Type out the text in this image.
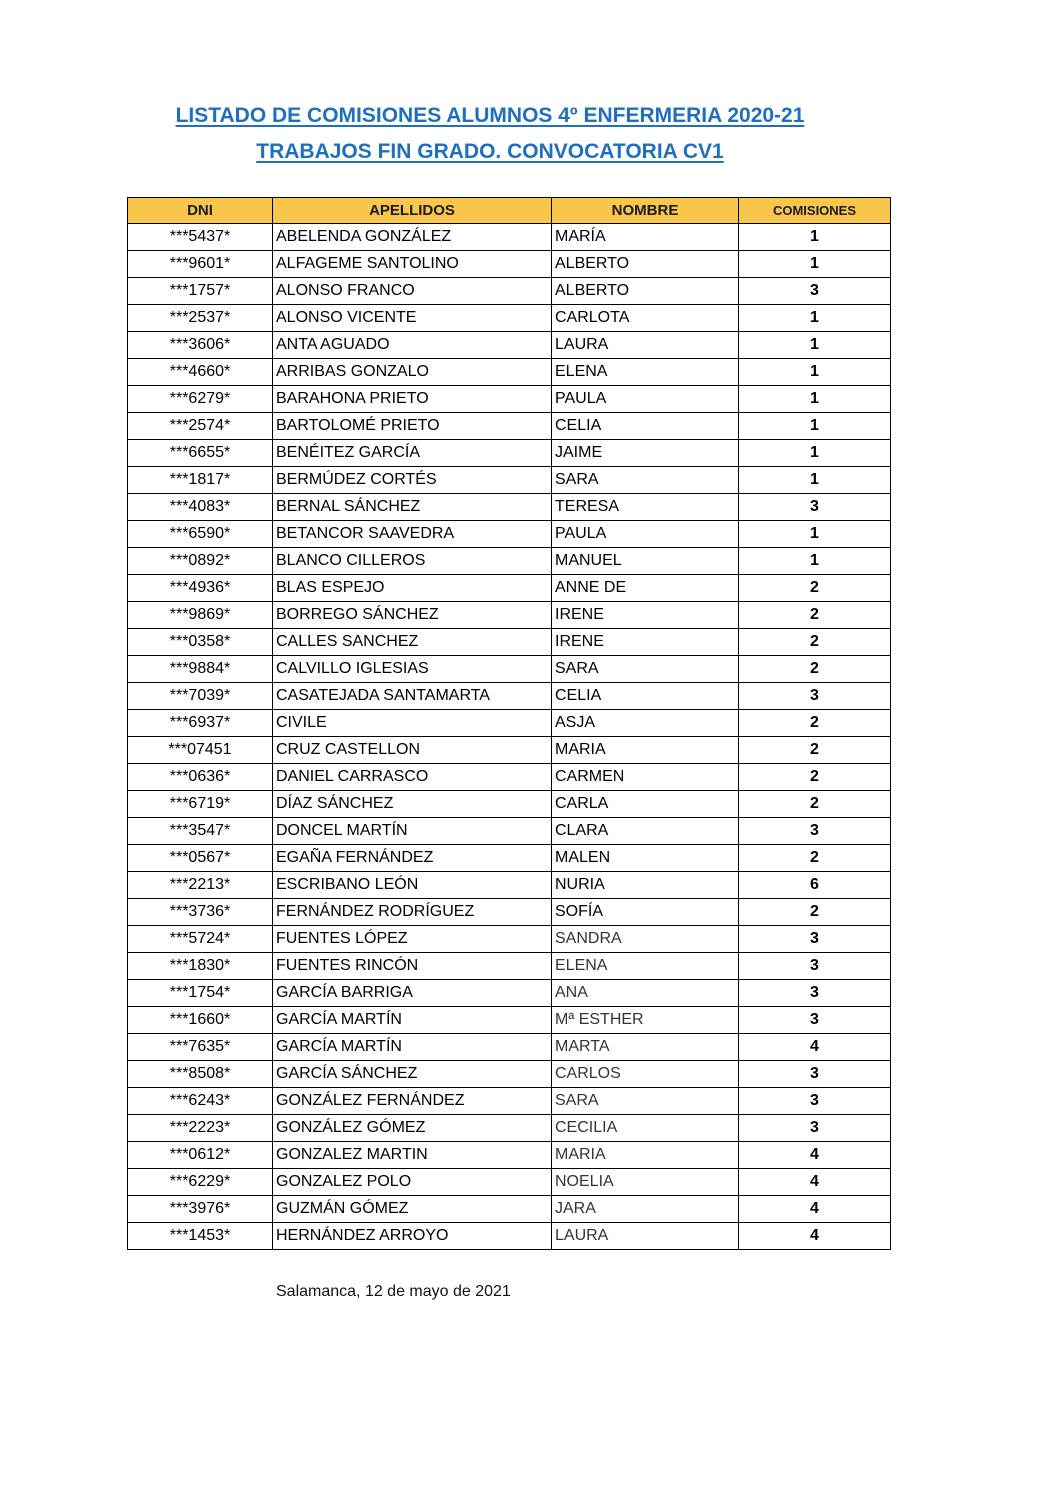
LISTADO DE COMISIONES ALUMNOS 4º ENFERMERIA 2020-21
TRABAJOS FIN GRADO. CONVOCATORIA CV1
DNI	APELLIDOS	NOMBRE	COMISIONES
***5437*	ABELENDA GONZÁLEZ	MARÍA	1
***9601*	ALFAGEME SANTOLINO	ALBERTO	1
***1757*	ALONSO FRANCO	ALBERTO	3
***2537*	ALONSO VICENTE	CARLOTA	1
***3606*	ANTA AGUADO	LAURA	1
***4660*	ARRIBAS GONZALO	ELENA	1
***6279*	BARAHONA PRIETO	PAULA	1
***2574*	BARTOLOMÉ PRIETO	CELIA	1
***6655*	BENÉITEZ GARCÍA	JAIME	1
***1817*	BERMÚDEZ CORTÉS	SARA	1
***4083*	BERNAL SÁNCHEZ	TERESA	3
***6590*	BETANCOR SAAVEDRA	PAULA	1
***0892*	BLANCO CILLEROS	MANUEL	1
***4936*	BLAS ESPEJO	ANNE DE	2
***9869*	BORREGO SÁNCHEZ	IRENE	2
***0358*	CALLES SANCHEZ	IRENE	2
***9884*	CALVILLO IGLESIAS	SARA	2
***7039*	CASATEJADA SANTAMARTA	CELIA	3
***6937*	CIVILE	ASJA	2
***07451	CRUZ CASTELLON	MARIA	2
***0636*	DANIEL CARRASCO	CARMEN	2
***6719*	DÍAZ SÁNCHEZ	CARLA	2
***3547*	DONCEL MARTÍN	CLARA	3
***0567*	EGAÑA FERNÁNDEZ	MALEN	2
***2213*	ESCRIBANO LEÓN	NURIA	6
***3736*	FERNÁNDEZ RODRÍGUEZ	SOFÍA	2
***5724*	FUENTES LÓPEZ	SANDRA	3
***1830*	FUENTES RINCÓN	ELENA	3
***1754*	GARCÍA BARRIGA	ANA	3
***1660*	GARCÍA MARTÍN	Mª ESTHER	3
***7635*	GARCÍA MARTÍN	MARTA	4
***8508*	GARCÍA SÁNCHEZ	CARLOS	3
***6243*	GONZÁLEZ FERNÁNDEZ	SARA	3
***2223*	GONZÁLEZ GÓMEZ	CECILIA	3
***0612*	GONZALEZ MARTIN	MARIA	4
***6229*	GONZALEZ POLO	NOELIA	4
***3976*	GUZMÁN GÓMEZ	JARA	4
***1453*	HERNÁNDEZ ARROYO	LAURA	4
Salamanca, 12 de mayo de 2021
